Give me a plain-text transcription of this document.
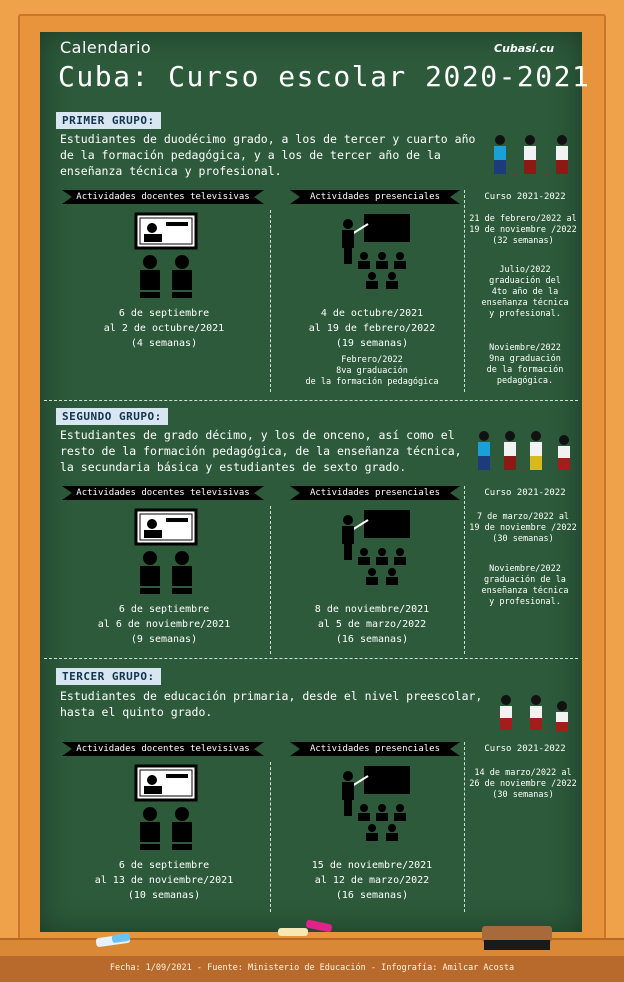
Calendario
Cuba: Curso escolar 2020-2021
Cubasí.cu
PRIMER GRUPO:
Estudiantes de duodécimo grado, a los de tercer y cuarto año
de la formación pedagógica, y a los de tercer año de la
enseñanza técnica y profesional.
Actividades docentes televisivas	Actividades presenciales
6 de septiembre
al 2 de octubre/2021
(4 semanas)
4 de octubre/2021
al 19 de febrero/2022
(19 semanas)
Febrero/2022
8va graduación
de la formación pedagógica
Curso 2021-2022
21 de febrero/2022 al
19 de noviembre /2022
(32 semanas)
Julio/2022
graduación del
4to año de la
enseñanza técnica
y profesional.
Noviembre/2022
9na graduación
de la formación
pedagógica.
SEGUNDO GRUPO:
Estudiantes de grado décimo, y los de onceno, así como el
resto de la formación pedagógica, de la enseñanza técnica,
la secundaria básica y estudiantes de sexto grado.
Actividades docentes televisivas	Actividades presenciales
6 de septiembre
al 6 de noviembre/2021
(9 semanas)
8 de noviembre/2021
al 5 de marzo/2022
(16 semanas)
Curso 2021-2022
7 de marzo/2022 al
19 de noviembre /2022
(30 semanas)
Noviembre/2022
graduación de la
enseñanza técnica
y profesional.
TERCER GRUPO:
Estudiantes de educación primaria, desde el nivel preescolar,
hasta el quinto grado.
Actividades docentes televisivas	Actividades presenciales
6 de septiembre
al 13 de noviembre/2021
(10 semanas)
15 de noviembre/2021
al 12 de marzo/2022
(16 semanas)
Curso 2021-2022
14 de marzo/2022 al
26 de noviembre /2022
(30 semanas)
Fecha: 1/09/2021 - Fuente: Ministerio de Educación - Infografía: Amilcar Acosta
